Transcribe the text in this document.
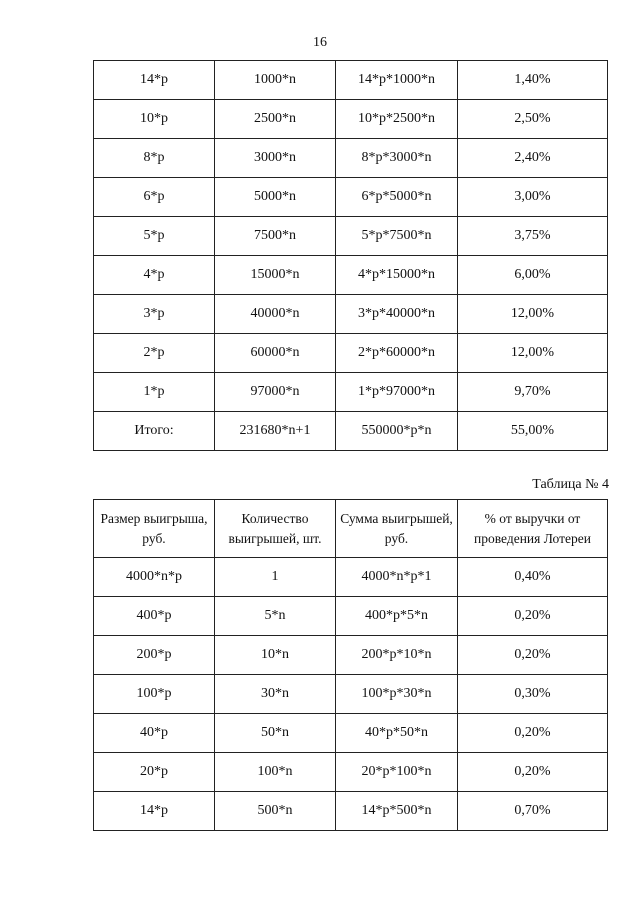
16
14*р	1000*n	14*р*1000*n	1,40%
10*р	2500*n	10*р*2500*n	2,50%
8*р	3000*n	8*р*3000*n	2,40%
6*р	5000*n	6*р*5000*n	3,00%
5*р	7500*n	5*р*7500*n	3,75%
4*р	15000*n	4*р*15000*n	6,00%
3*р	40000*n	3*р*40000*n	12,00%
2*р	60000*n	2*р*60000*n	12,00%
1*р	97000*n	1*р*97000*n	9,70%
Итого:	231680*n+1	550000*р*n	55,00%
Таблица № 4
Размер выигрыша, руб.	Количество выигрышей, шт.	Сумма выигрышей, руб.	% от выручки от проведения Лотереи
4000*n*р	1	4000*n*р*1	0,40%
400*р	5*n	400*р*5*n	0,20%
200*р	10*n	200*р*10*n	0,20%
100*р	30*n	100*р*30*n	0,30%
40*р	50*n	40*р*50*n	0,20%
20*р	100*n	20*р*100*n	0,20%
14*р	500*n	14*р*500*n	0,70%
